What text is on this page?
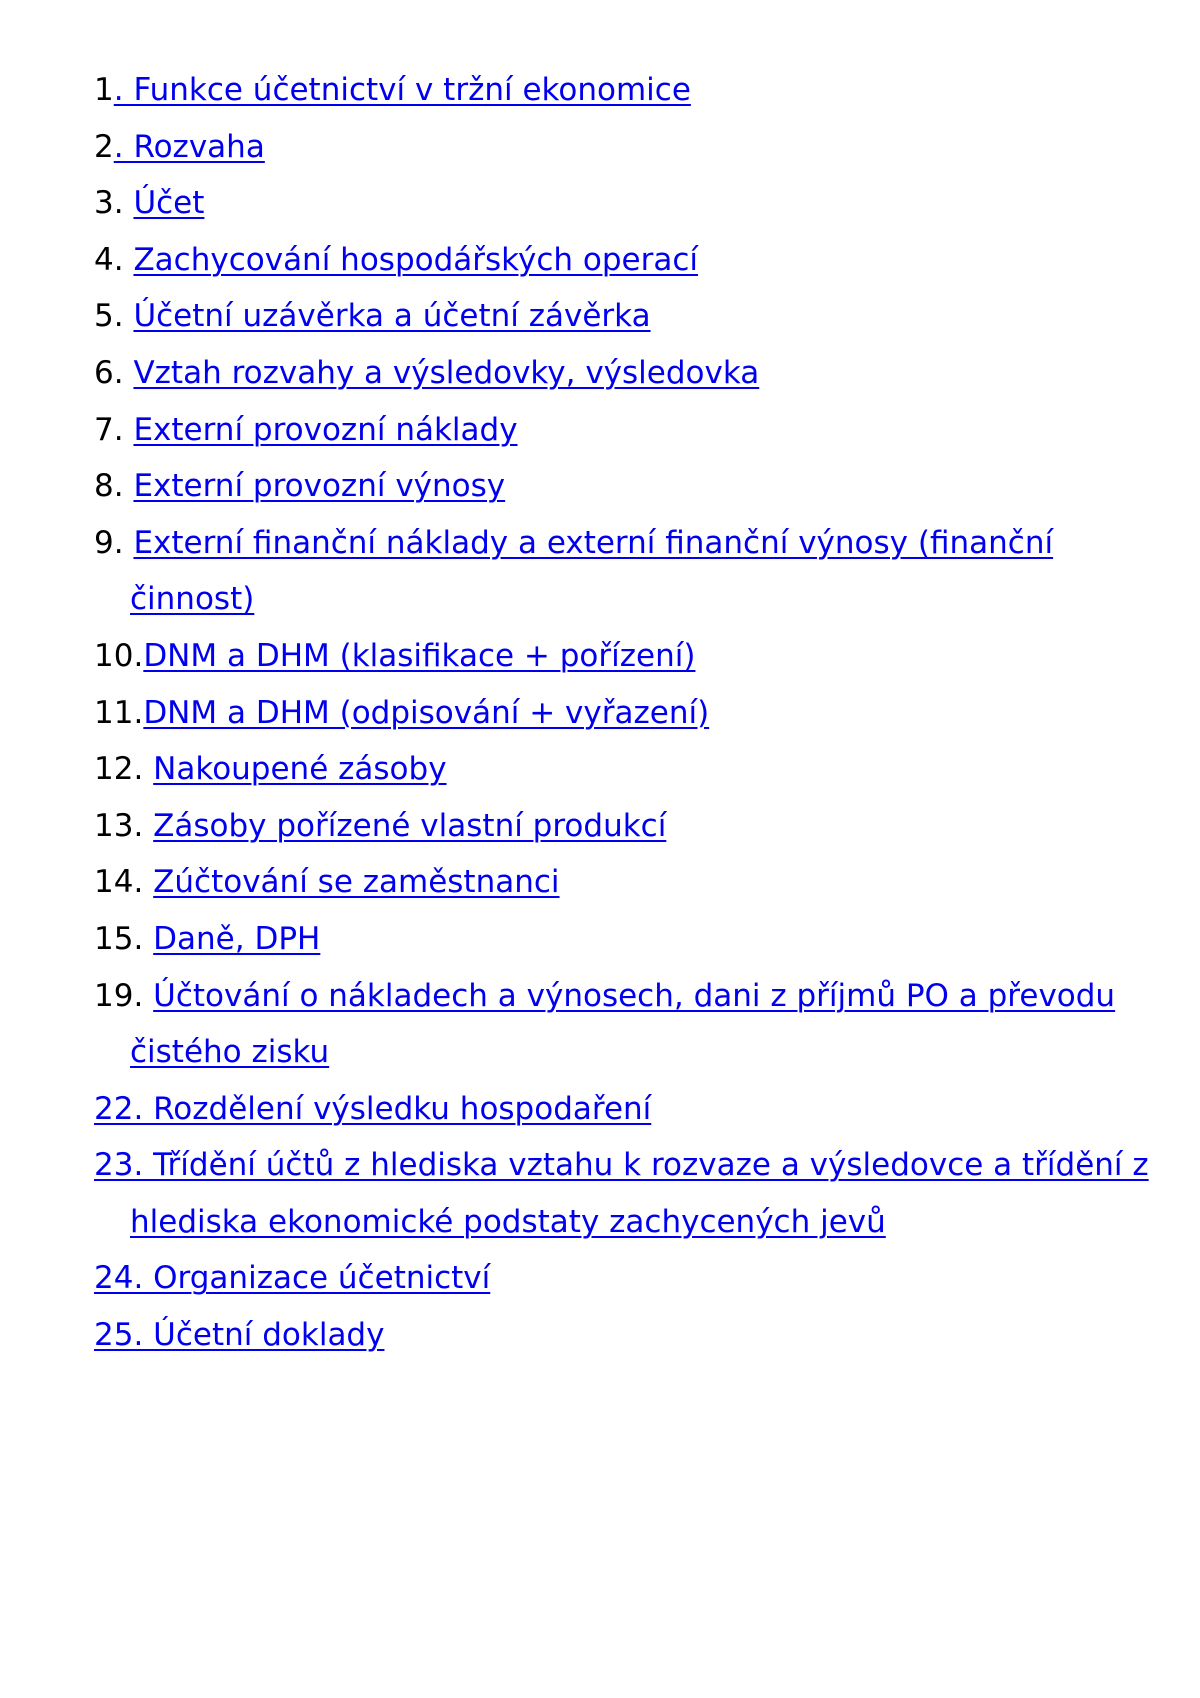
1. Funkce účetnictví v tržní ekonomice
2. Rozvaha
3. Účet
4. Zachycování hospodářských operací
5. Účetní uzávěrka a účetní závěrka
6. Vztah rozvahy a výsledovky, výsledovka
7. Externí provozní náklady
8. Externí provozní výnosy
9. Externí finanční náklady a externí finanční výnosy (finanční činnost)
10.DNM a DHM (klasifikace + pořízení)
11.DNM a DHM (odpisování + vyřazení)
12. Nakoupené zásoby
13. Zásoby pořízené vlastní produkcí
14. Zúčtování se zaměstnanci
15. Daně, DPH
19. Účtování o nákladech a výnosech, dani z příjmů PO a převodu čistého zisku
22. Rozdělení výsledku hospodaření
23. Třídění účtů z hlediska vztahu k rozvaze a výsledovce a třídění z hlediska ekonomické podstaty zachycených jevů
24. Organizace účetnictví
25. Účetní doklady
